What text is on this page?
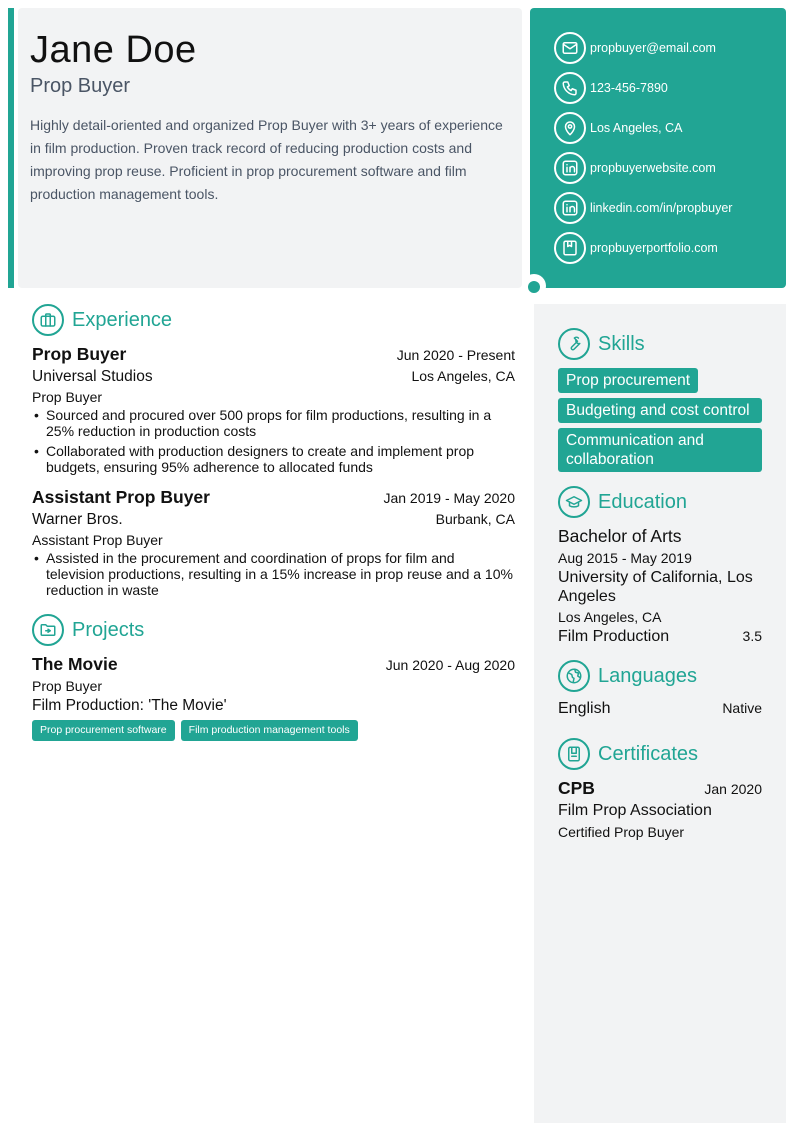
Jane Doe
Prop Buyer
Highly detail-oriented and organized Prop Buyer with 3+ years of experience in film production. Proven track record of reducing production costs and improving prop reuse. Proficient in prop procurement software and film production management tools.
propbuyer@email.com
123-456-7890
Los Angeles, CA
propbuyerwebsite.com
linkedin.com/in/propbuyer
propbuyerportfolio.com
Experience
Prop Buyer	Jun 2020 - Present
Universal Studios	Los Angeles, CA
Prop Buyer
• Sourced and procured over 500 props for film productions, resulting in a 25% reduction in production costs
• Collaborated with production designers to create and implement prop budgets, ensuring 95% adherence to allocated funds
Assistant Prop Buyer	Jan 2019 - May 2020
Warner Bros.	Burbank, CA
Assistant Prop Buyer
• Assisted in the procurement and coordination of props for film and television productions, resulting in a 15% increase in prop reuse and a 10% reduction in waste
Projects
The Movie	Jun 2020 - Aug 2020
Prop Buyer
Film Production: 'The Movie'
Prop procurement software Film production management tools
Skills
Prop procurement
Budgeting and cost control
Communication and collaboration
Education
Bachelor of Arts
Aug 2015 - May 2019
University of California, Los Angeles
Los Angeles, CA
Film Production	3.5
Languages
English	Native
Certificates
CPB	Jan 2020
Film Prop Association
Certified Prop Buyer
